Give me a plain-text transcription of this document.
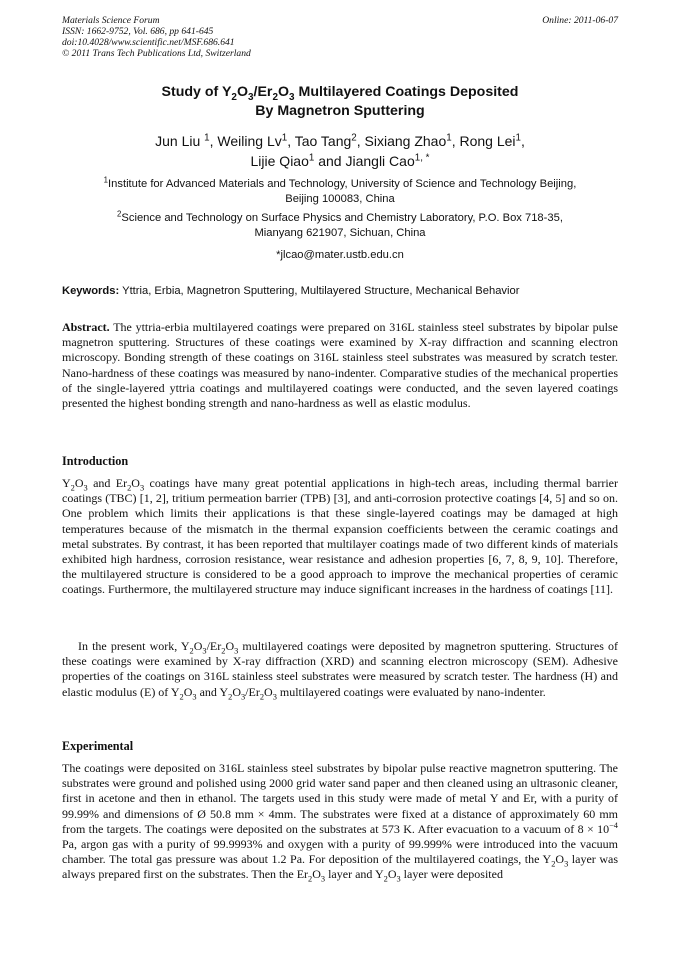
Materials Science Forum
ISSN: 1662-9752, Vol. 686, pp 641-645
doi:10.4028/www.scientific.net/MSF.686.641
© 2011 Trans Tech Publications Ltd, Switzerland
Online: 2011-06-07
Study of $Y_2O_3/Er_2O_3$ Multilayered Coatings Deposited
By Magnetron Sputtering
Jun Liu $^1$, Weiling Lv$^1$, Tao Tang$^2$, Sixiang Zhao$^1$, Rong Lei$^1$,
Lijie Qiao$^1$ and Jiangli Cao$^{1, *}$
$^1$Institute for Advanced Materials and Technology, University of Science and Technology Beijing,
Beijing 100083, China
$^2$Science and Technology on Surface Physics and Chemistry Laboratory, P.O. Box 718-35,
Mianyang 621907, Sichuan, China
*jlcao@mater.ustb.edu.cn
Keywords: Yttria, Erbia, Magnetron Sputtering, Multilayered Structure, Mechanical Behavior
Abstract. The yttria-erbia multilayered coatings were prepared on 316L stainless steel substrates by bipolar pulse magnetron sputtering. Structures of these coatings were examined by X-ray diffraction and scanning electron microscopy. Bonding strength of these coatings on 316L stainless steel substrates was measured by scratch tester. Nano-hardness of these coatings was measured by nano-indenter. Comparative studies of the mechanical properties of the single-layered yttria coatings and multilayered coatings were conducted, and the seven layered coatings presented the highest bonding strength and nano-hardness as well as elastic modulus.
Introduction
$Y_2O_3$ and $Er_2O_3$ coatings have many great potential applications in high-tech areas, including thermal barrier coatings (TBC) [1, 2], tritium permeation barrier (TPB) [3], and anti-corrosion protective coatings [4, 5] and so on. One problem which limits their applications is that these single-layered coatings may be damaged at high temperatures because of the mismatch in the thermal expansion coefficients between the ceramic coatings and metal substrates. By contrast, it has been reported that multilayer coatings made of two different kinds of materials exhibited high hardness, corrosion resistance, wear resistance and adhesion properties [6, 7, 8, 9, 10]. Therefore, the multilayered structure is considered to be a good approach to improve the mechanical properties of ceramic coatings. Furthermore, the multilayered structure may induce significant increases in the hardness of coatings [11].
In the present work, $Y_2O_3/Er_2O_3$ multilayered coatings were deposited by magnetron sputtering. Structures of these coatings were examined by X-ray diffraction (XRD) and scanning electron microscopy (SEM). Adhesive properties of the coatings on 316L stainless steel substrates were measured by scratch tester. The hardness (H) and elastic modulus (E) of $Y_2O_3$ and $Y_2O_3/Er_2O_3$ multilayered coatings were evaluated by nano-indenter.
Experimental
The coatings were deposited on 316L stainless steel substrates by bipolar pulse reactive magnetron sputtering. The substrates were ground and polished using 2000 grid water sand paper and then cleaned using an ultrasonic cleaner, first in acetone and then in ethanol. The targets used in this study were made of metal Y and Er, with a purity of 99.99% and dimensions of Ø 50.8 mm × 4mm. The substrates were fixed at a distance of approximately 60 mm from the targets. The coatings were deposited on the substrates at 573 K. After evacuation to a vacuum of $8 \times 10^{-4}$ Pa, argon gas with a purity of 99.9993% and oxygen with a purity of 99.999% were introduced into the vacuum chamber. The total gas pressure was about 1.2 Pa. For deposition of the multilayered coatings, the $Y_2O_3$ layer was always prepared first on the substrates. Then the $Er_2O_3$ layer and $Y_2O_3$ layer were deposited
